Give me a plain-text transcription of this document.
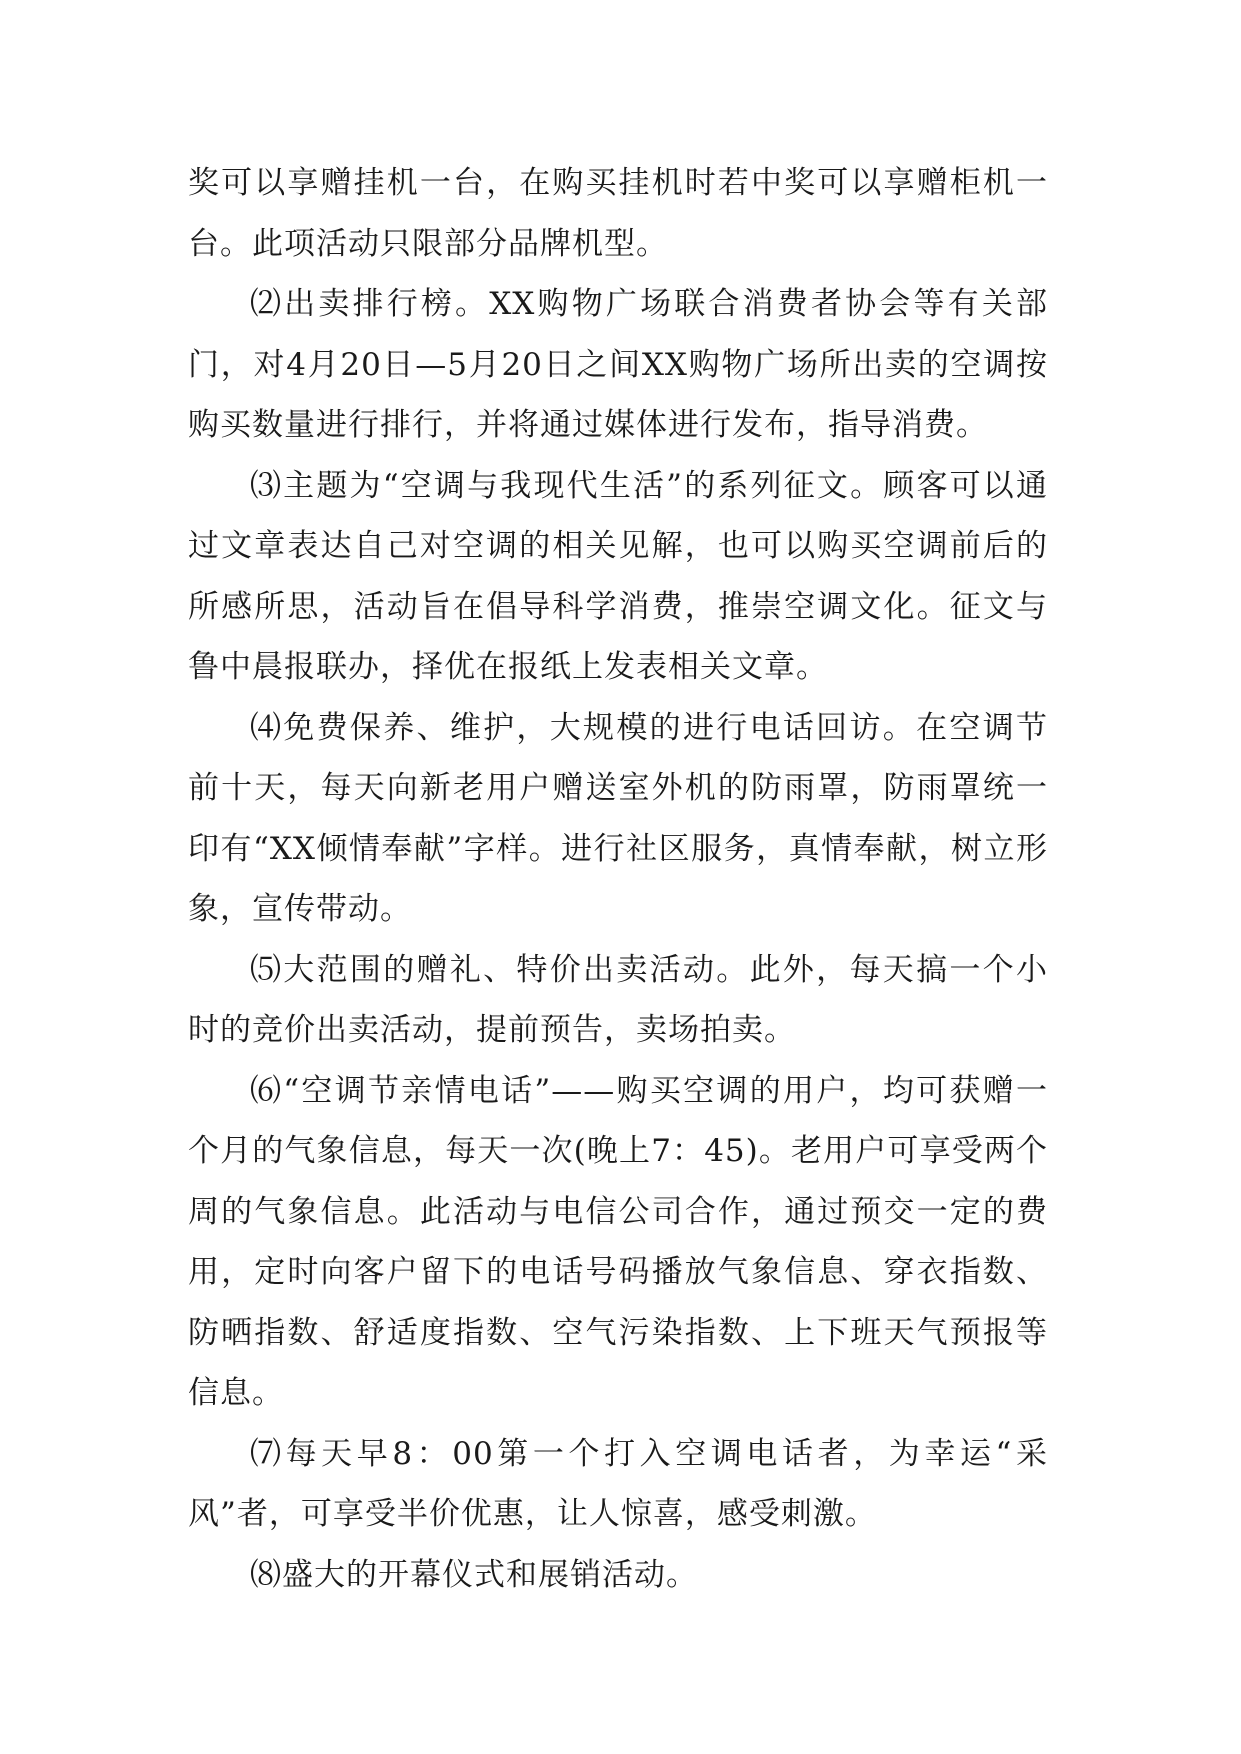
奖可以享赠挂机一台，在购买挂机时若中奖可以享赠柜机一台。此项活动只限部分品牌机型。

⑵出卖排行榜。XX购物广场联合消费者协会等有关部门，对4月20日—5月20日之间XX购物广场所出卖的空调按购买数量进行排行，并将通过媒体进行发布，指导消费。

⑶主题为“空调与我现代生活”的系列征文。顾客可以通过文章表达自己对空调的相关见解，也可以购买空调前后的所感所思，活动旨在倡导科学消费，推崇空调文化。征文与鲁中晨报联办，择优在报纸上发表相关文章。

⑷免费保养、维护，大规模的进行电话回访。在空调节前十天，每天向新老用户赠送室外机的防雨罩，防雨罩统一印有“XX倾情奉献”字样。进行社区服务，真情奉献，树立形象，宣传带动。

⑸大范围的赠礼、特价出卖活动。此外，每天搞一个小时的竞价出卖活动，提前预告，卖场拍卖。

⑹“空调节亲情电话”——购买空调的用户，均可获赠一个月的气象信息，每天一次(晚上7：45)。老用户可享受两个周的气象信息。此活动与电信公司合作，通过预交一定的费用，定时向客户留下的电话号码播放气象信息、穿衣指数、防晒指数、舒适度指数、空气污染指数、上下班天气预报等信息。

⑺每天早8：00第一个打入空调电话者，为幸运“采风”者，可享受半价优惠，让人惊喜，感受刺激。

⑻盛大的开幕仪式和展销活动。
